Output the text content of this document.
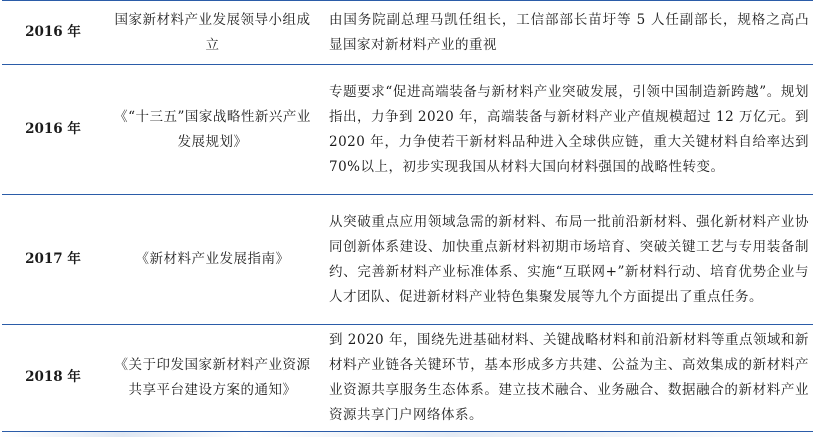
2016 年	国家新材料产业发展领导小组成立	由国务院副总理马凯任组长，工信部部长苗圩等 5 人任副部长，规格之高凸显国家对新材料产业的重视
2016 年	《“十三五”国家战略性新兴产业发展规划》	专题要求“促进高端装备与新材料产业突破发展，引领中国制造新跨越”。规划指出，力争到 2020 年，高端装备与新材料产业产值规模超过 12 万亿元。到 2020 年，力争使若干新材料品种进入全球供应链，重大关键材料自给率达到 70%以上，初步实现我国从材料大国向材料强国的战略性转变。
2017 年	《新材料产业发展指南》	从突破重点应用领域急需的新材料、布局一批前沿新材料、强化新材料产业协同创新体系建设、加快重点新材料初期市场培育、突破关键工艺与专用装备制约、完善新材料产业标准体系、实施“互联网+”新材料行动、培育优势企业与人才团队、促进新材料产业特色集聚发展等九个方面提出了重点任务。
2018 年	《关于印发国家新材料产业资源共享平台建设方案的通知》	到 2020 年，围绕先进基础材料、关键战略材料和前沿新材料等重点领域和新材料产业链各关键环节，基本形成多方共建、公益为主、高效集成的新材料产业资源共享服务生态体系。建立技术融合、业务融合、数据融合的新材料产业资源共享门户网络体系。
